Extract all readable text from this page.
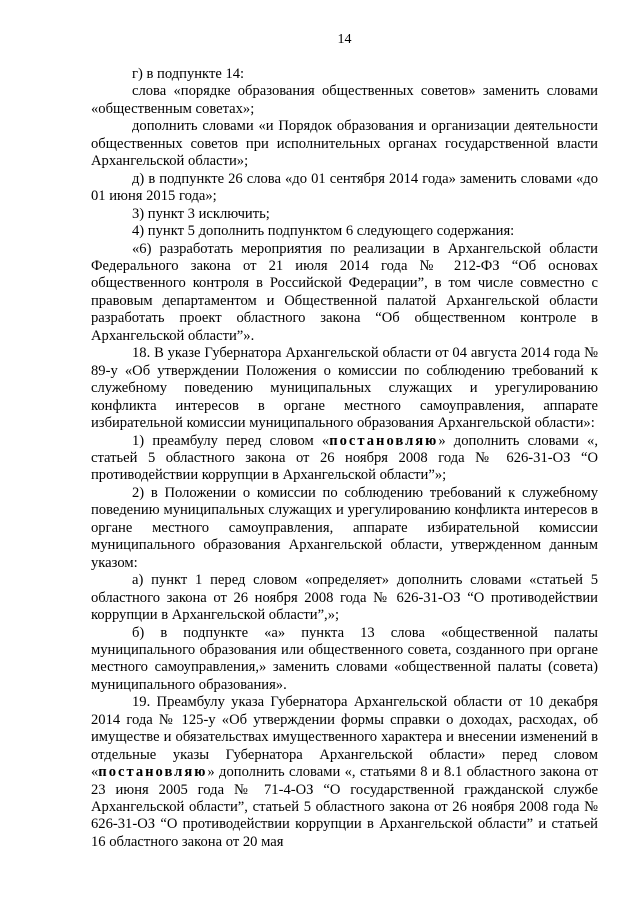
14

г) в подпункте 14:

слова «порядке образования общественных советов» заменить словами «общественным советах»;

дополнить словами «и Порядок образования и организации деятельности общественных советов при исполнительных органах государственной власти Архангельской области»;

д) в подпункте 26 слова «до 01 сентября 2014 года» заменить словами «до 01 июня 2015 года»;

3) пункт 3 исключить;

4) пункт 5 дополнить подпунктом 6 следующего содержания:

«6) разработать мероприятия по реализации в Архангельской области Федерального закона от 21 июля 2014 года № 212-ФЗ “Об основах общественного контроля в Российской Федерации”, в том числе совместно с правовым департаментом и Общественной палатой Архангельской области разработать проект областного закона “Об общественном контроле в Архангельской области”».

18. В указе Губернатора Архангельской области от 04 августа 2014 года № 89-у «Об утверждении Положения о комиссии по соблюдению требований к служебному поведению муниципальных служащих и урегулированию конфликта интересов в органе местного самоуправления, аппарате избирательной комиссии муниципального образования Архангельской области»:

1) преамбулу перед словом «постановляю» дополнить словами «, статьей 5 областного закона от 26 ноября 2008 года № 626-31-ОЗ “О противодействии коррупции в Архангельской области”»;

2) в Положении о комиссии по соблюдению требований к служебному поведению муниципальных служащих и урегулированию конфликта интересов в органе местного самоуправления, аппарате избирательной комиссии муниципального образования Архангельской области, утвержденном данным указом:

а) пункт 1 перед словом «определяет» дополнить словами «статьей 5 областного закона от 26 ноября 2008 года № 626-31-ОЗ “О противодействии коррупции в Архангельской области”,»;

б) в подпункте «а» пункта 13 слова «общественной палаты муниципального образования или общественного совета, созданного при органе местного самоуправления,» заменить словами «общественной палаты (совета) муниципального образования».

19. Преамбулу указа Губернатора Архангельской области от 10 декабря 2014 года № 125-у «Об утверждении формы справки о доходах, расходах, об имуществе и обязательствах имущественного характера и внесении изменений в отдельные указы Губернатора Архангельской области» перед словом «постановляю» дополнить словами «, статьями 8 и 8.1 областного закона от 23 июня 2005 года № 71-4-ОЗ “О государственной гражданской службе Архангельской области”, статьей 5 областного закона от 26 ноября 2008 года № 626-31-ОЗ “О противодействии коррупции в Архангельской области” и статьей 16 областного закона от 20 мая
